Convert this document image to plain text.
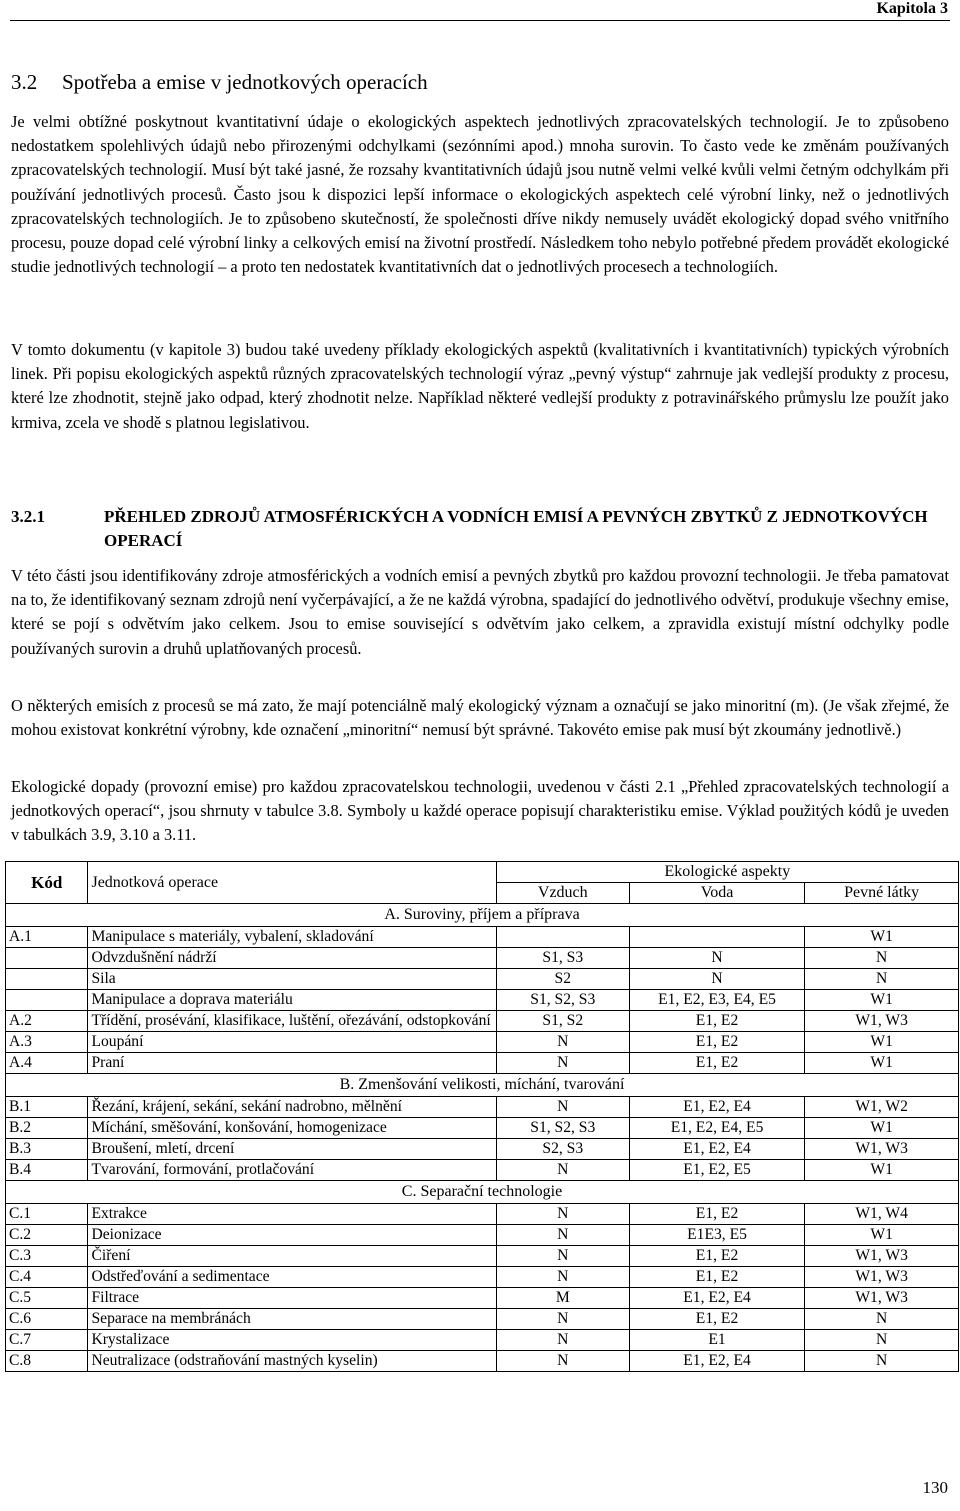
Kapitola 3
3.2 Spotřeba a emise v jednotkových operacích

Je velmi obtížné poskytnout kvantitativní údaje o ekologických aspektech jednotlivých zpracovatelských technologií. Je to způsobeno nedostatkem spolehlivých údajů nebo přirozenými odchylkami (sezónními apod.) mnoha surovin. To často vede ke změnám používaných zpracovatelských technologií. Musí být také jasné, že rozsahy kvantitativních údajů jsou nutně velmi velké kvůli velmi četným odchylkám při používání jednotlivých procesů. Často jsou k dispozici lepší informace o ekologických aspektech celé výrobní linky, než o jednotlivých zpracovatelských technologiích. Je to způsobeno skutečností, že společnosti dříve nikdy nemusely uvádět ekologický dopad svého vnitřního procesu, pouze dopad celé výrobní linky a celkových emisí na životní prostředí. Následkem toho nebylo potřebné předem provádět ekologické studie jednotlivých technologií – a proto ten nedostatek kvantitativních dat o jednotlivých procesech a technologiích.

V tomto dokumentu (v kapitole 3) budou také uvedeny příklady ekologických aspektů (kvalitativních i kvantitativních) typických výrobních linek. Při popisu ekologických aspektů různých zpracovatelských technologií výraz „pevný výstup“ zahrnuje jak vedlejší produkty z procesu, které lze zhodnotit, stejně jako odpad, který zhodnotit nelze. Například některé vedlejší produkty z potravinářského průmyslu lze použít jako krmiva, zcela ve shodě s platnou legislativou.

3.2.1	PŘEHLED ZDROJŮ ATMOSFÉRICKÝCH A VODNÍCH EMISÍ A PEVNÝCH ZBYTKŮ Z JEDNOTKOVÝCH OPERACÍ

V této části jsou identifikovány zdroje atmosférických a vodních emisí a pevných zbytků pro každou provozní technologii. Je třeba pamatovat na to, že identifikovaný seznam zdrojů není vyčerpávající, a že ne každá výrobna, spadající do jednotlivého odvětví, produkuje všechny emise, které se pojí s odvětvím jako celkem. Jsou to emise související s odvětvím jako celkem, a zpravidla existují místní odchylky podle používaných surovin a druhů uplatňovaných procesů.

O některých emisích z procesů se má zato, že mají potenciálně malý ekologický význam a označují se jako minoritní (m). (Je však zřejmé, že mohou existovat konkrétní výrobny, kde označení „minoritní“ nemusí být správné. Takovéto emise pak musí být zkoumány jednotlivě.)

Ekologické dopady (provozní emise) pro každou zpracovatelskou technologii, uvedenou v části 2.1 „Přehled zpracovatelských technologií a jednotkových operací“, jsou shrnuty v tabulce 3.8. Symboly u každé operace popisují charakteristiku emise. Výklad použitých kódů je uveden v tabulkách 3.9, 3.10 a 3.11.

Kód	Jednotková operace	Ekologické aspekty		
		Vzduch	Voda	Pevné látky
A. Suroviny, příjem a příprava				
A.1	Manipulace s materiály, vybalení, skladování			W1
	Odvzdušnění nádrží	S1, S3	N	N
	Sila	S2	N	N
	Manipulace a doprava materiálu	S1, S2, S3	E1, E2, E3, E4, E5	W1
A.2	Třídění, prosévání, klasifikace, luštění, ořezávání, odstopkování	S1, S2	E1, E2	W1, W3
A.3	Loupání	N	E1, E2	W1
A.4	Praní	N	E1, E2	W1
B. Zmenšování velikosti, míchání, tvarování				
B.1	Řezání, krájení, sekání, sekání nadrobno, mělnění	N	E1, E2, E4	W1, W2
B.2	Míchání, směšování, konšování, homogenizace	S1, S2, S3	E1, E2, E4, E5	W1
B.3	Broušení, mletí, drcení	S2, S3	E1, E2, E4	W1, W3
B.4	Tvarování, formování, protlačování	N	E1, E2, E5	W1
C. Separační technologie				
C.1	Extrakce	N	E1, E2	W1, W4
C.2	Deionizace	N	E1E3, E5	W1
C.3	Čiření	N	E1, E2	W1, W3
C.4	Odstřeďování a sedimentace	N	E1, E2	W1, W3
C.5	Filtrace	M	E1, E2, E4	W1, W3
C.6	Separace na membránách	N	E1, E2	N
C.7	Krystalizace	N	E1	N
C.8	Neutralizace (odstraňování mastných kyselin)	N	E1, E2, E4	N
130
